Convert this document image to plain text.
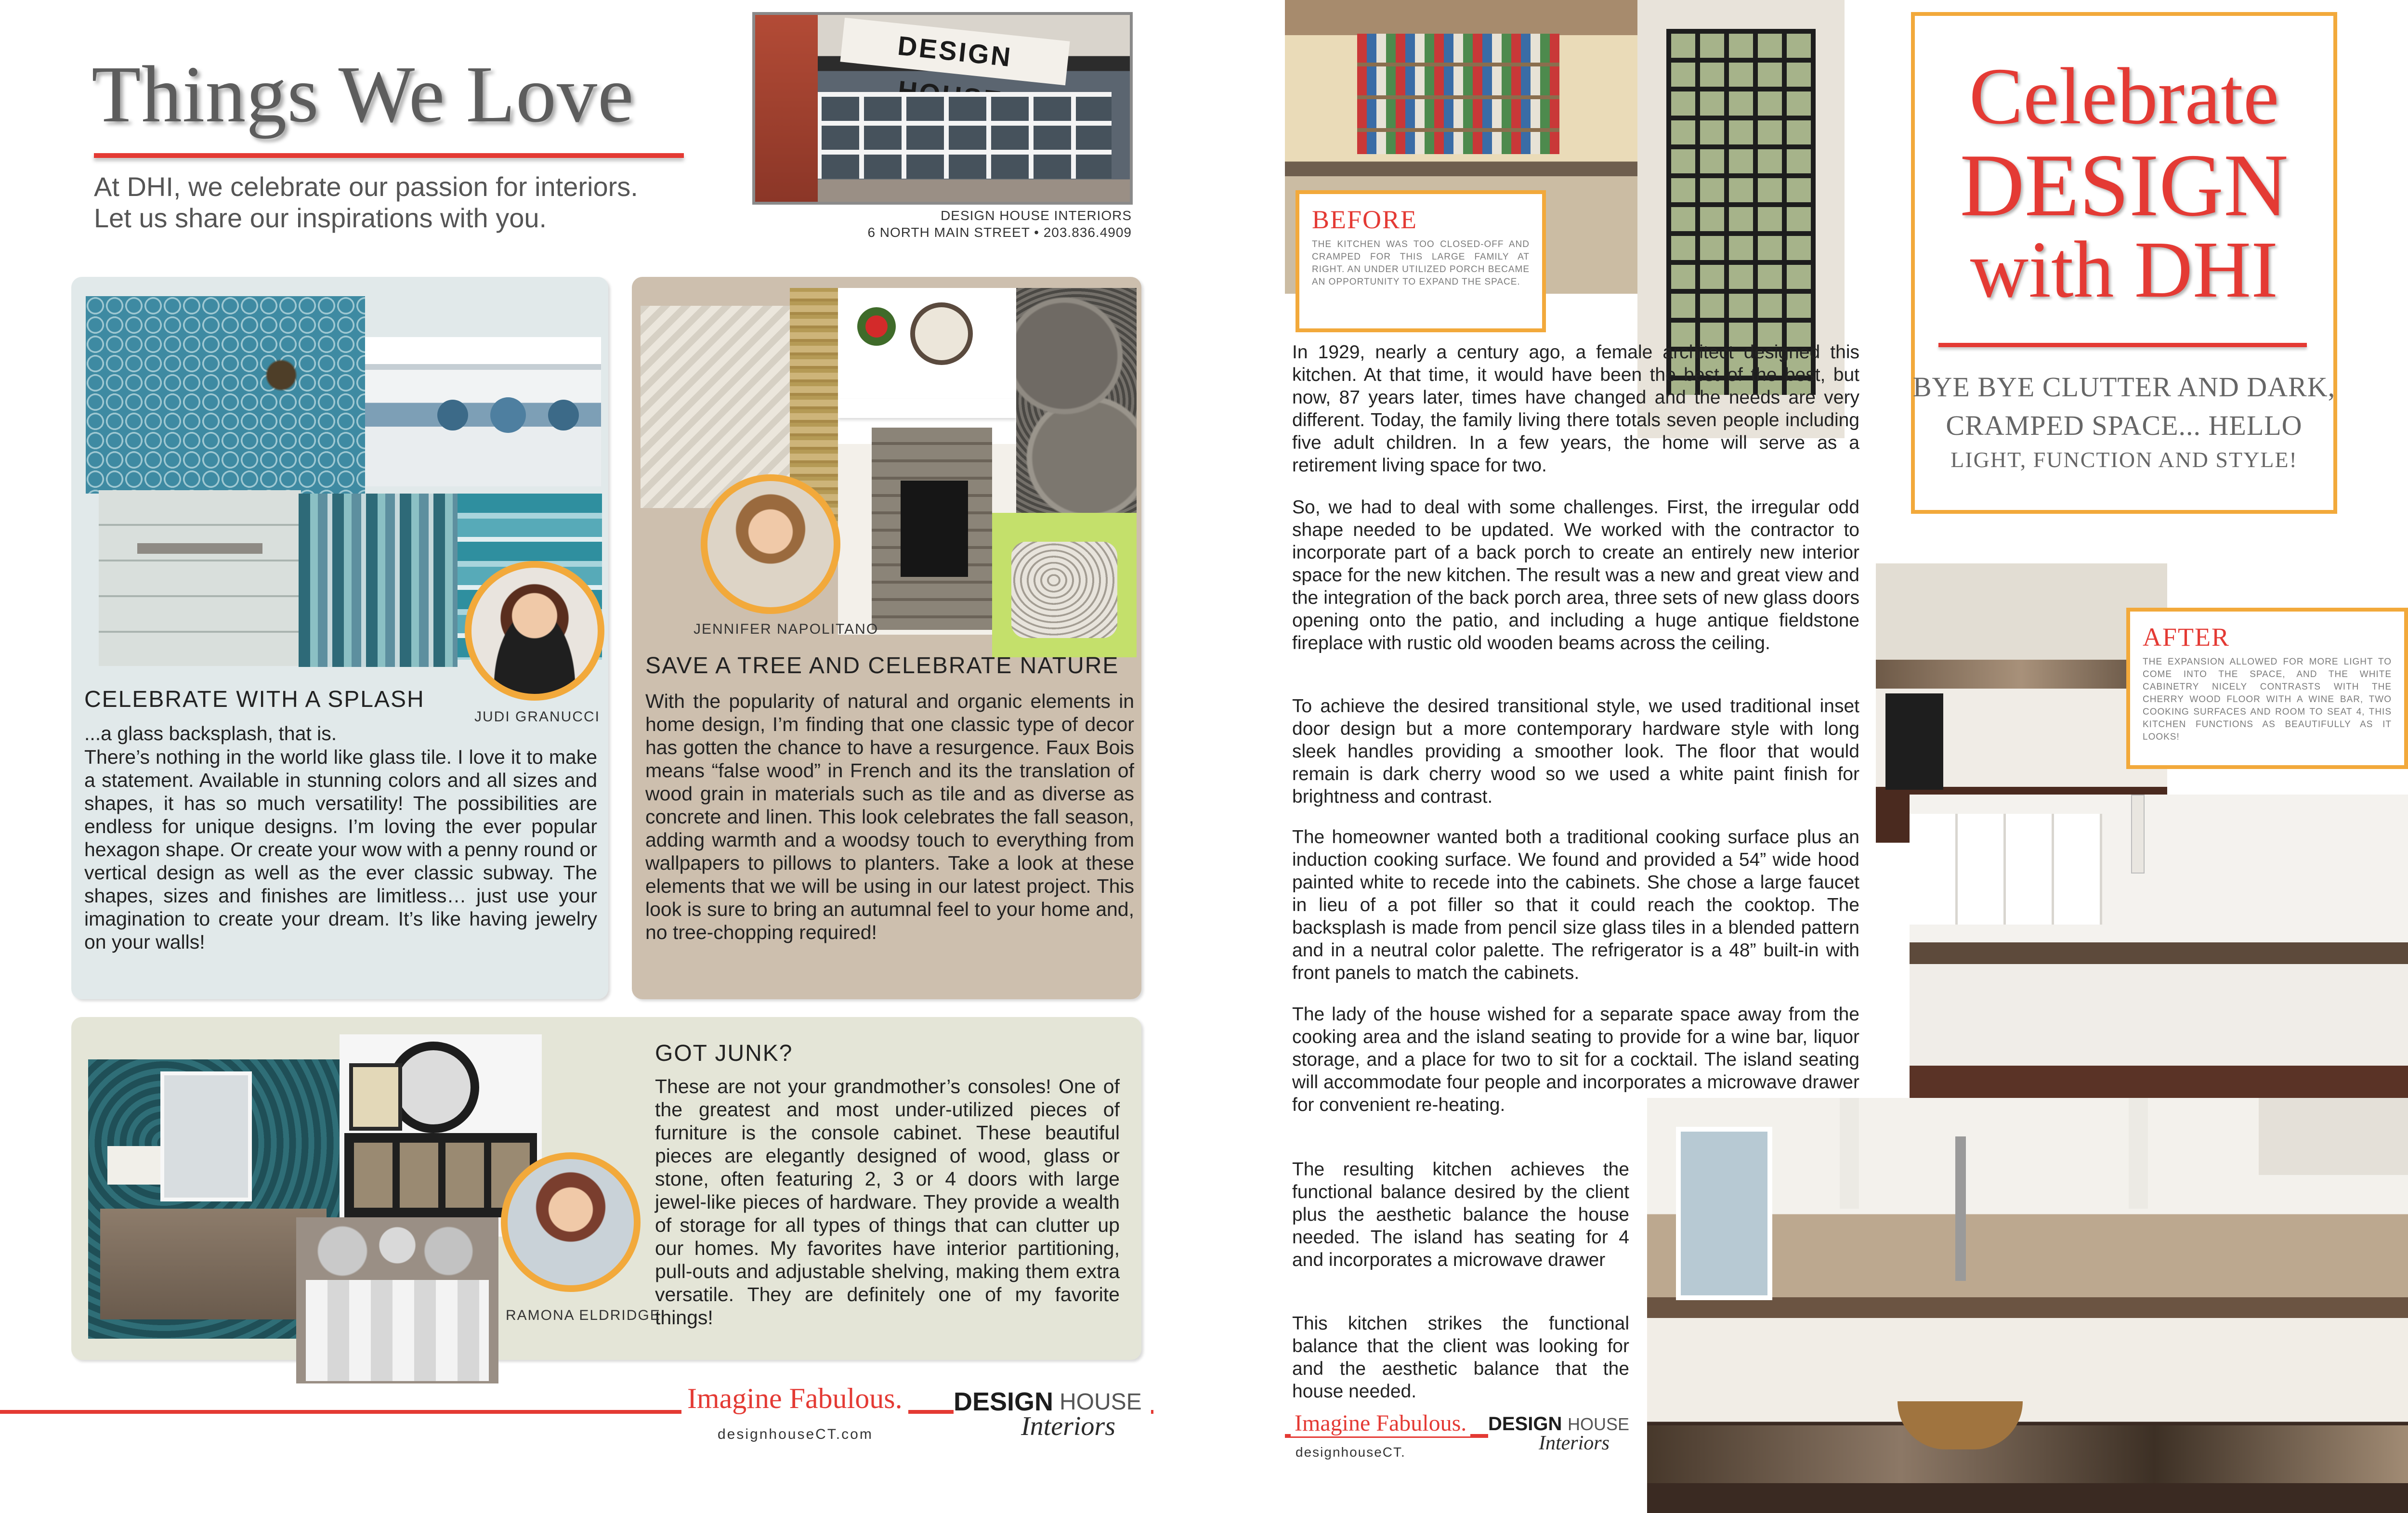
Things We Love
At DHI, we celebrate our passion for interiors.
Let us share our inspirations with you.
DESIGN
DESIGN HOUSE INTERIORS
6 NORTH MAIN STREET • 203.836.4909
JUDI GRANUCCI
CELEBRATE WITH A SPLASH
...a glass backsplash, that is.
There’s nothing in the world like glass tile. I love it to make a statement. Available in stunning colors and all sizes and shapes, it has so much versatility! The possibilities are endless for unique designs. I’m loving the ever popular hexagon shape. Or create your wow with a penny round or vertical design as well as the ever classic subway. The shapes, sizes and finishes are limitless… just use your imagination to create your dream. It’s like having jewelry on your walls!
JENNIFER NAPOLITANO
SAVE A TREE AND CELEBRATE NATURE
With the popularity of natural and organic elements in home design, I’m finding that one classic type of decor has gotten the chance to have a resurgence. Faux Bois means “false wood” in French and its the translation of wood grain in materials such as tile and as diverse as concrete and linen. This look celebrates the fall season, adding warmth and a woodsy touch to everything from wallpapers to pillows to planters. Take a look at these elements that we will be using in our latest project. This look is sure to bring an autumnal feel to your home and, no tree-chopping required!
RAMONA ELDRIDGE
GOT JUNK?
These are not your grandmother’s consoles! One of the greatest and most under-utilized pieces of furniture is the console cabinet. These beautiful pieces are elegantly designed of wood, glass or stone, often featuring 2, 3 or 4 doors with large jewel-like pieces of hardware. They provide a wealth of storage for all types of things that can clutter up our homes. My favorites have interior partitioning, pull-outs and adjustable shelving, making them extra versatile. They are definitely one of my favorite things!
Imagine Fabulous.
designhouseCT.com
DESIGN HOUSE
Interiors
BEFORE
THE KITCHEN WAS TOO CLOSED-OFF AND CRAMPED FOR THIS LARGE FAMILY AT RIGHT. AN UNDER UTILIZED PORCH BECAME AN OPPORTUNITY TO EXPAND THE SPACE.
Celebrate
DESIGN
with DHI
BYE BYE CLUTTER AND DARK,
CRAMPED SPACE... HELLO
LIGHT, FUNCTION AND STYLE!
In 1929, nearly a century ago, a female architect designed this kitchen. At that time, it would have been the best of the best, but now, 87 years later, times have changed and the needs are very different. Today, the family living there totals seven people including five adult children. In a few years, the home will serve as a retirement living space for two.
So, we had to deal with some challenges. First, the irregular odd shape needed to be updated. We worked with the contractor to incorporate part of a back porch to create an entirely new interior space for the new kitchen. The result was a new and great view and the integration of the back porch area, three sets of new glass doors opening onto the patio, and including a huge antique fieldstone fireplace with rustic old wooden beams across the ceiling.
To achieve the desired transitional style, we used traditional inset door design but a more contemporary hardware style with long sleek handles providing a smoother look. The floor that would remain is dark cherry wood so we used a white paint finish for brightness and contrast.
The homeowner wanted both a traditional cooking surface plus an induction cooking surface. We found and provided a 54” wide hood painted white to recede into the cabinets. She chose a large faucet in lieu of a pot filler so that it could reach the cooktop. The backsplash is made from pencil size glass tiles in a blended pattern and in a neutral color palette. The refrigerator is a 48” built-in with front panels to match the cabinets.
The lady of the house wished for a separate space away from the cooking area and the island seating to provide for a wine bar, liquor storage, and a place for two to sit for a cocktail. The island seating will accommodate four people and incorporates a microwave drawer for convenient re-heating.
The resulting kitchen achieves the functional balance desired by the client plus the aesthetic balance the house needed. The island has seating for 4 and incorporates a microwave drawer
This kitchen strikes the functional balance that the client was looking for and the aesthetic balance that the house needed.
AFTER
THE EXPANSION ALLOWED FOR MORE LIGHT TO COME INTO THE SPACE, AND THE WHITE CABINETRY NICELY CONTRASTS WITH THE CHERRY WOOD FLOOR WITH A WINE BAR, TWO COOKING SURFACES AND ROOM TO SEAT 4, THIS KITCHEN FUNCTIONS AS BEAUTIFULLY AS IT LOOKS!
Imagine Fabulous.
designhouseCT.
DESIGN HOUSE
Interiors
